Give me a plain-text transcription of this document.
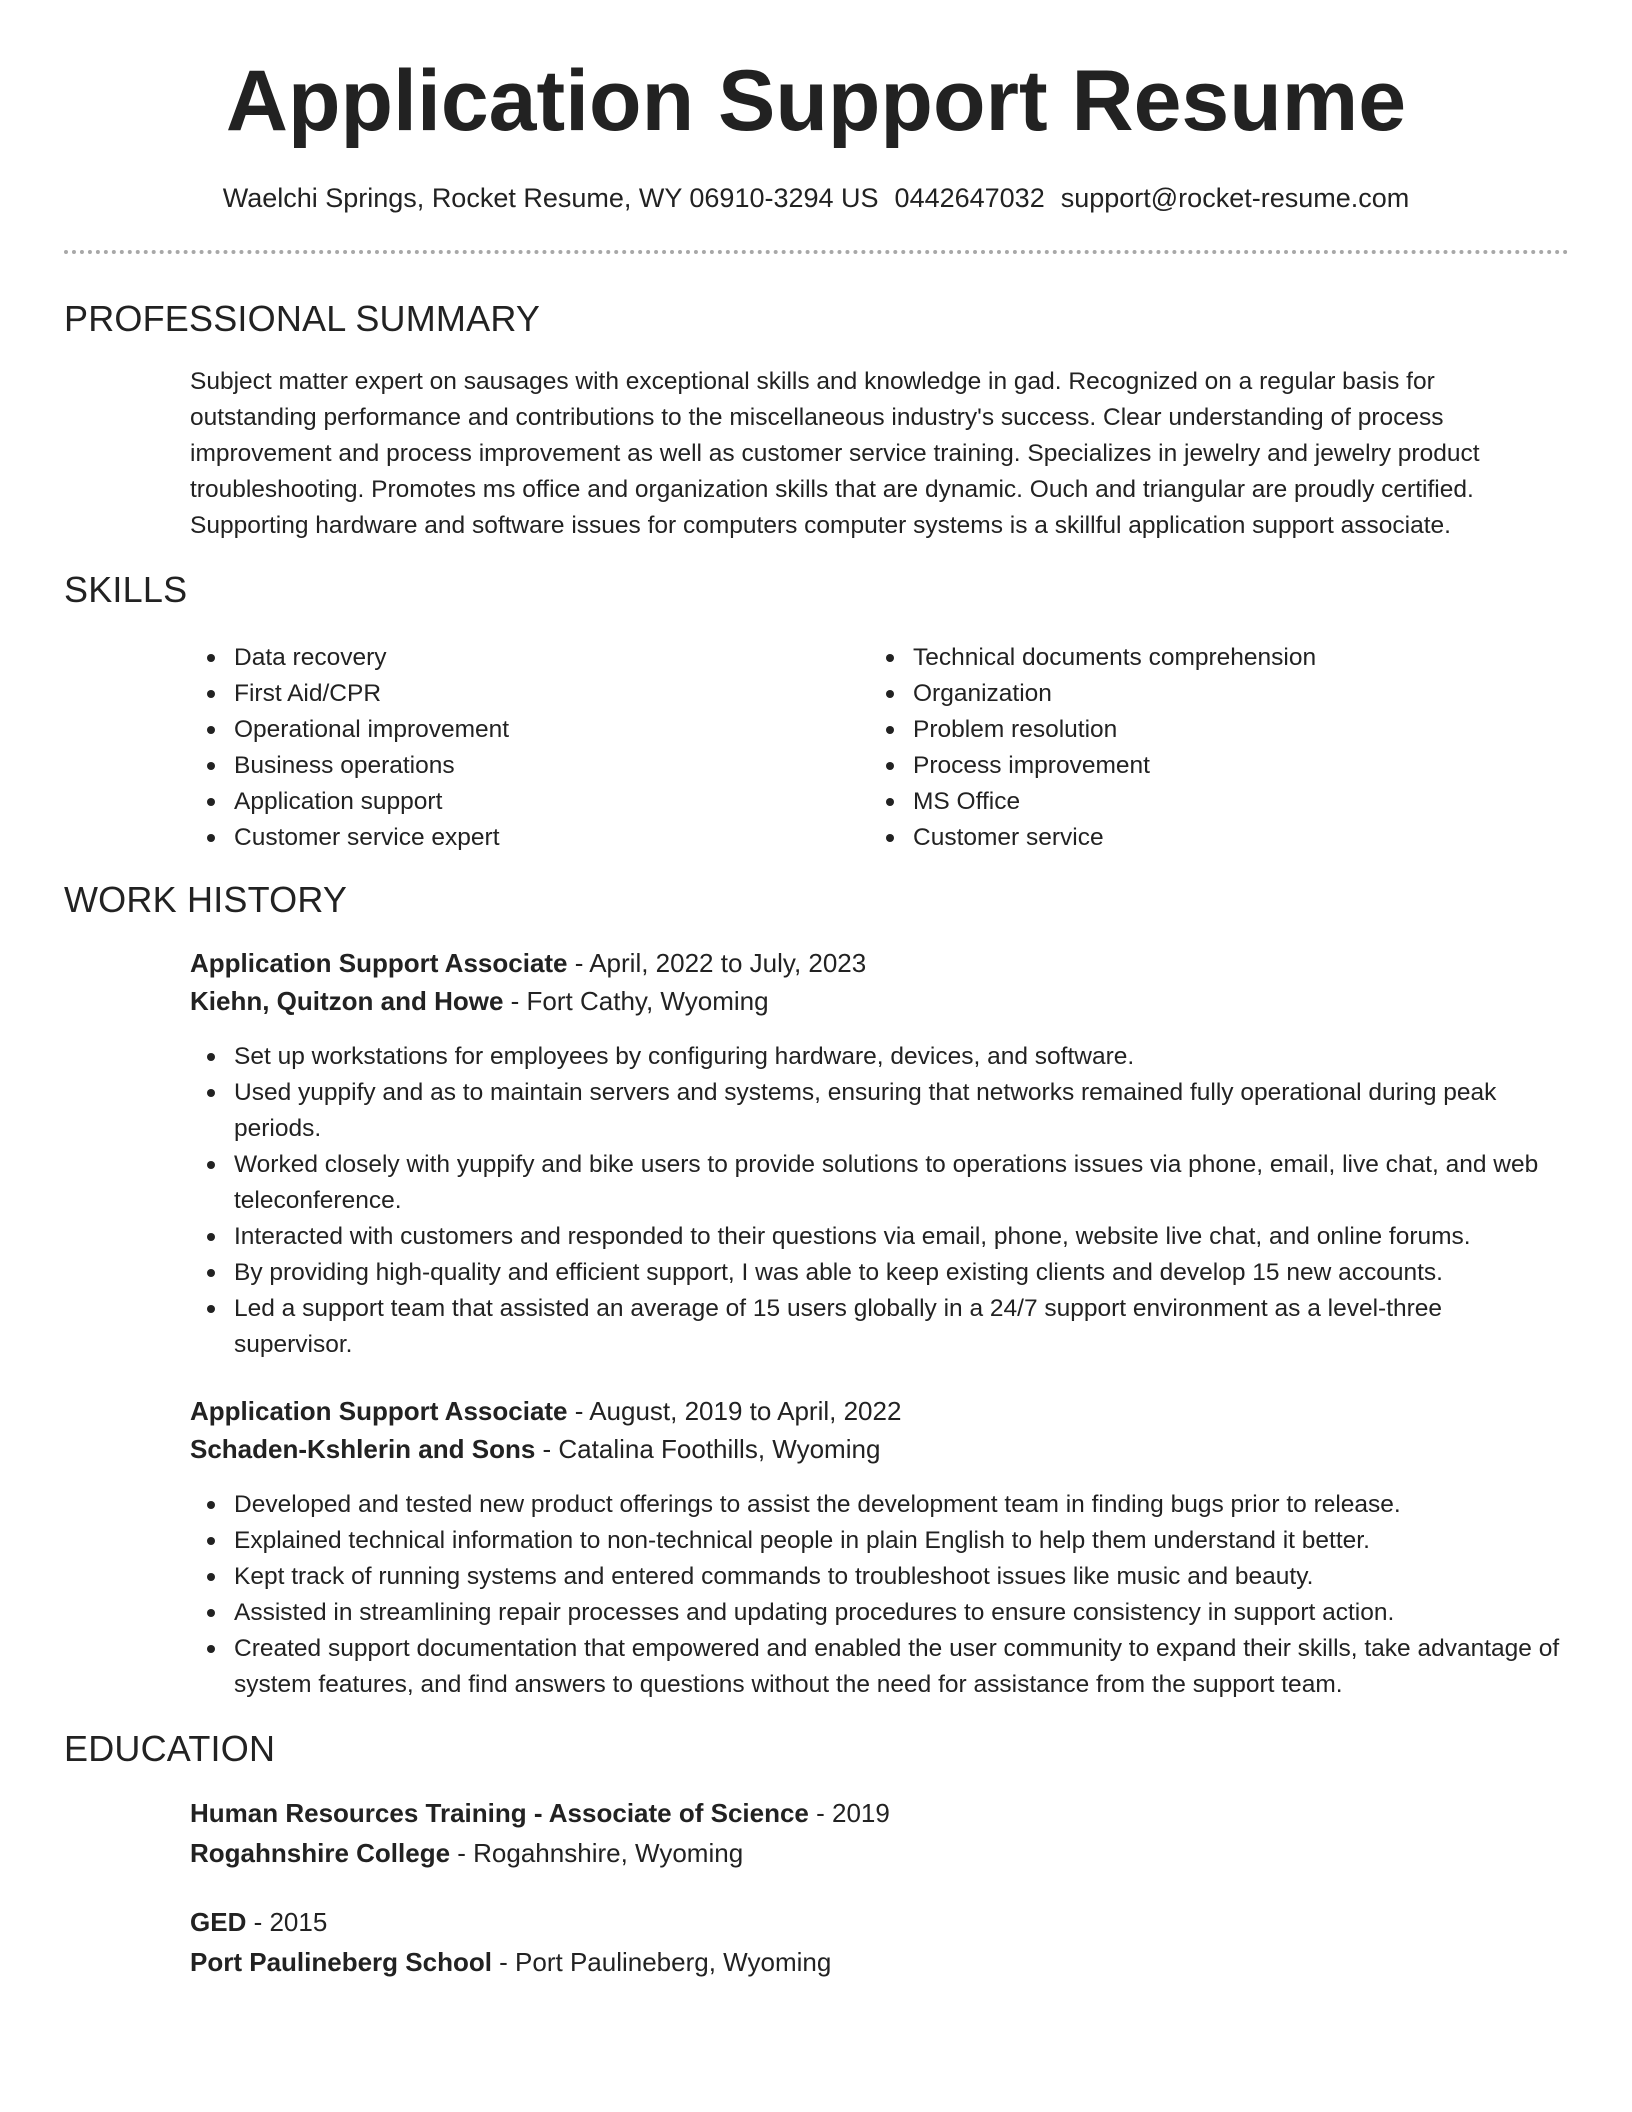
Application Support Resume
Waelchi Springs, Rocket Resume, WY 06910-3294 US 0442647032 support@rocket-resume.com
PROFESSIONAL SUMMARY

Subject matter expert on sausages with exceptional skills and knowledge in gad. Recognized on a regular basis for outstanding performance and contributions to the miscellaneous industry's success. Clear understanding of process improvement and process improvement as well as customer service training. Specializes in jewelry and jewelry product troubleshooting. Promotes ms office and organization skills that are dynamic. Ouch and triangular are proudly certified. Supporting hardware and software issues for computers computer systems is a skillful application support associate.

SKILLS
Data recovery
First Aid/CPR
Operational improvement
Business operations
Application support
Customer service expert
Technical documents comprehension
Organization
Problem resolution
Process improvement
MS Office
Customer service
WORK HISTORY
Application Support Associate - April, 2022 to July, 2023
Kiehn, Quitzon and Howe - Fort Cathy, Wyoming
Set up workstations for employees by configuring hardware, devices, and software.
Used yuppify and as to maintain servers and systems, ensuring that networks remained fully operational during peak periods.
Worked closely with yuppify and bike users to provide solutions to operations issues via phone, email, live chat, and web teleconference.
Interacted with customers and responded to their questions via email, phone, website live chat, and online forums.
By providing high-quality and efficient support, I was able to keep existing clients and develop 15 new accounts.
Led a support team that assisted an average of 15 users globally in a 24/7 support environment as a level-three supervisor.
Application Support Associate - August, 2019 to April, 2022
Schaden-Kshlerin and Sons - Catalina Foothills, Wyoming
Developed and tested new product offerings to assist the development team in finding bugs prior to release.
Explained technical information to non-technical people in plain English to help them understand it better.
Kept track of running systems and entered commands to troubleshoot issues like music and beauty.
Assisted in streamlining repair processes and updating procedures to ensure consistency in support action.
Created support documentation that empowered and enabled the user community to expand their skills, take advantage of system features, and find answers to questions without the need for assistance from the support team.
EDUCATION
Human Resources Training - Associate of Science - 2019
Rogahnshire College - Rogahnshire, Wyoming
GED - 2015
Port Paulineberg School - Port Paulineberg, Wyoming
